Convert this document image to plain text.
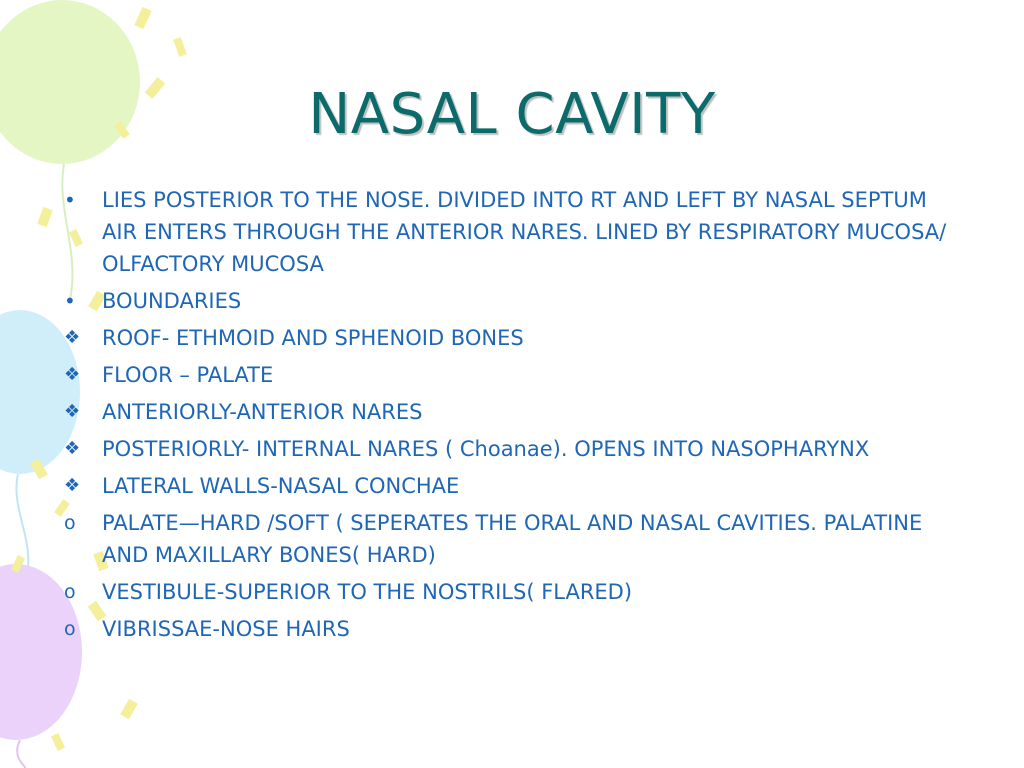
NASAL CAVITY
•	LIES POSTERIOR TO THE NOSE. DIVIDED INTO RT AND LEFT BY NASAL SEPTUM AIR ENTERS THROUGH THE ANTERIOR NARES. LINED BY RESPIRATORY MUCOSA/ OLFACTORY MUCOSA
•	BOUNDARIES
❖	ROOF- ETHMOID AND SPHENOID BONES
❖	FLOOR – PALATE
❖	ANTERIORLY-ANTERIOR NARES
❖	POSTERIORLY- INTERNAL NARES ( Choanae). OPENS INTO NASOPHARYNX
❖	LATERAL WALLS-NASAL CONCHAE
o	PALATE—HARD /SOFT ( SEPERATES THE ORAL AND NASAL CAVITIES. PALATINE AND MAXILLARY BONES( HARD)
o	VESTIBULE-SUPERIOR TO THE NOSTRILS( FLARED)
o	VIBRISSAE-NOSE HAIRS
